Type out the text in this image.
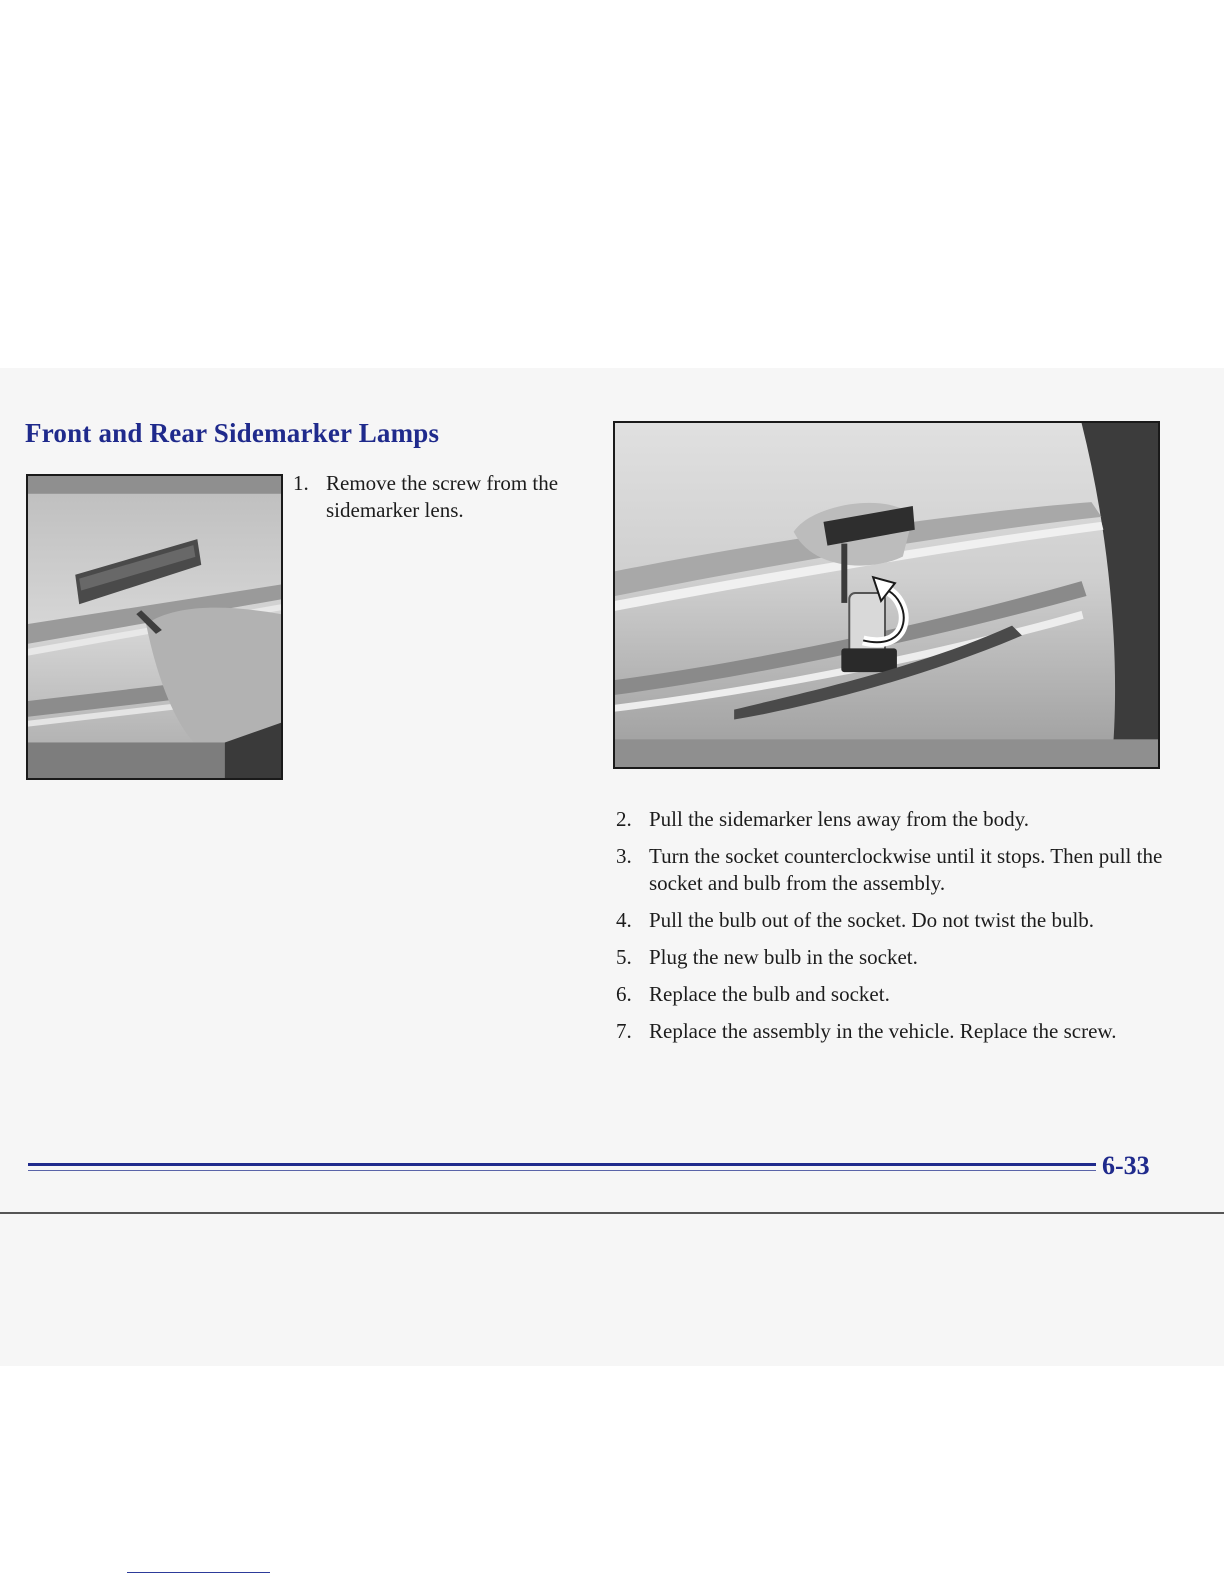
Front and Rear Sidemarker Lamps

1. Remove the screw from the sidemarker lens.

2. Pull the sidemarker lens away from the body.

3. Turn the socket counterclockwise until it stops. Then pull the socket and bulb from the assembly.

4. Pull the bulb out of the socket. Do not twist the bulb.

5. Plug the new bulb in the socket.

6. Replace the bulb and socket.

7. Replace the assembly in the vehicle. Replace the screw.

6-33
